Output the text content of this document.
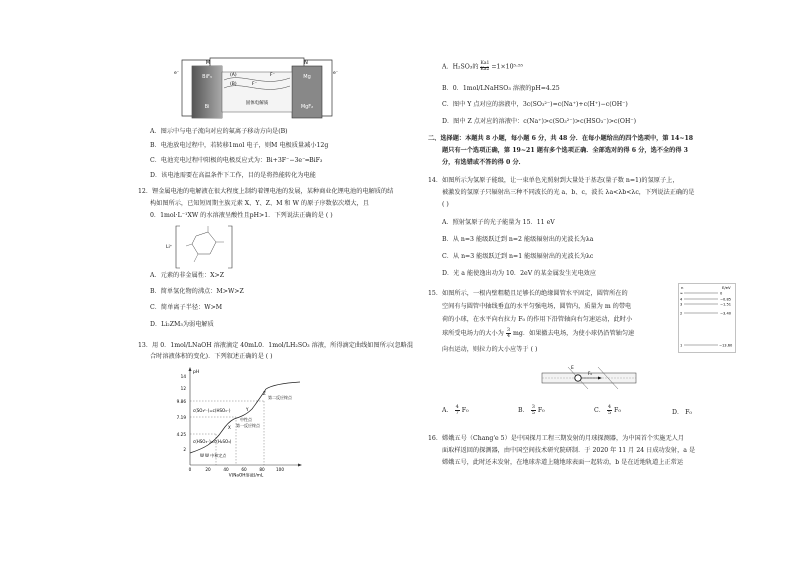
M	N
e⁻	e⁻
BiF₃
Bi
(A)
(B)
F⁻
F⁻
固体电解质
Mg
MgF₂
A．图示中与电子流向对应的氟离子移动方向是(B)
B．电池放电过程中，若转移1mol 电子，则M 电极质量减小12g
C．电池充电过程中阳极的电极反应式为：Bi+3F⁻−3e⁻═BiF₃
D．该电池需要在高温条件下工作，目的是将热能转化为电能
12．锂金属电池的电解液在很大程度上制约着锂电池的发展，某种商业化锂电池的电解质的结
构如图所示，已知短周期主族元素 X、Y、Z、M 和 W 的原子序数依次增大，且
0．1mol·L⁻¹XW 的水溶液呈酸性且pH>1．下列说法正确的是 ( )
Li⁺
A．元素的非金属性：X>Z
B．简单氢化物的沸点：M>W>Z
C．简单离子半径：W>M
D．Li₂ZM₃为弱电解质
13．用 0．1mol/LNaOH 溶液滴定 40mL0．1mol/LH₂SO₃ 溶液，所得滴定曲线如图所示(忽略混
合时溶液体积的变化)．下列叙述正确的是 ( )
pH
14
12
9.86
7.19
4.25
2
0	20	40	60	80	100
V(NaOH溶液)/mL
Z
第二反应终点
c(SO₃²⁻)=c(HSO₃⁻)	Y
X 第一反应终点
中性点
c(HSO₃⁻)=c(H₂SO₃)
W W 中和定点
A．H₂SO₃的 $\frac{Ka1}{Ka2} =1\times 10^5\cdot^{55}$
B．0．1mol/LNaHSO₃ 溶液的pH=4.25
C．图中 Y 点对应的溶液中，3c(SO₃²⁻)=c(Na⁺)+c(H⁺)−c(OH⁻)
D．图中 Z 点对应的溶液中：c(Na⁺)>c(SO₃²⁻)>c(HSO₃⁻)>c(OH⁻)
二、选择题：本题共 8 小题，每小题 6 分，共 48 分．在每小题给出的四个选项中，第 14~18
题只有一个选项正确，第 19~21 题有多个选项正确．全部选对的得 6 分，选不全的得 3
分，有选错或不答的得 0 分．
14．如图所示为氢原子能级，让一束单色光照射到大量处于基态(量子数 n=1)的氢原子上，
被激发的氢原子只辐射出三种不同波长的光 a、b、c，波长 λa<λb<λc，下列说法正确的是
( )
A．照射氢原子的光子能量为 15．11 eV
B．从 n=3 能级跃迁到 n=2 能级辐射出的光波长为λa
C．从 n=3 能级跃迁到 n=1 能级辐射出的光波长为λc
D．光 a 能使逸出功为 10．2eV 的某金属发生光电效应
n	E/eV
∞	0
4	−0.85
3	−1.51
2	−3.40
1	−13.60
15．如图所示，一根内壁粗糙且足够长的绝缘圆管水平固定，圆管所在的
空间有与圆管中轴线垂直的水平匀强电场，圆管内，质量为 m 的带电
荷的小球，在水平向右拉力 F₀ 的作用下沿管轴向右匀速运动，此时小
球所受电场力的大小为 $\frac{3}{4}$ mg．如果撤去电场，为使小球仍沿管轴匀速
向右运动，则拉力的大小应等于 ( )
E
F₀
A． $\frac{4}{7} F_0$	B． $\frac{3}{5} F_0$	C． $\frac{4}{5} F_0$	D． F₀
16．嫦娥五号（Chang'e 5）是中国探月工程三期发射的月球探测器，为中国首个实施无人月
面取样返回的探测器，由中国空间技术研究院研制．于 2020 年 11 月 24 日成功发射，a 是
嫦娥五号，此时还未发射，在地球赤道上随地球表面一起转动，b 是在近地轨道上正常运
